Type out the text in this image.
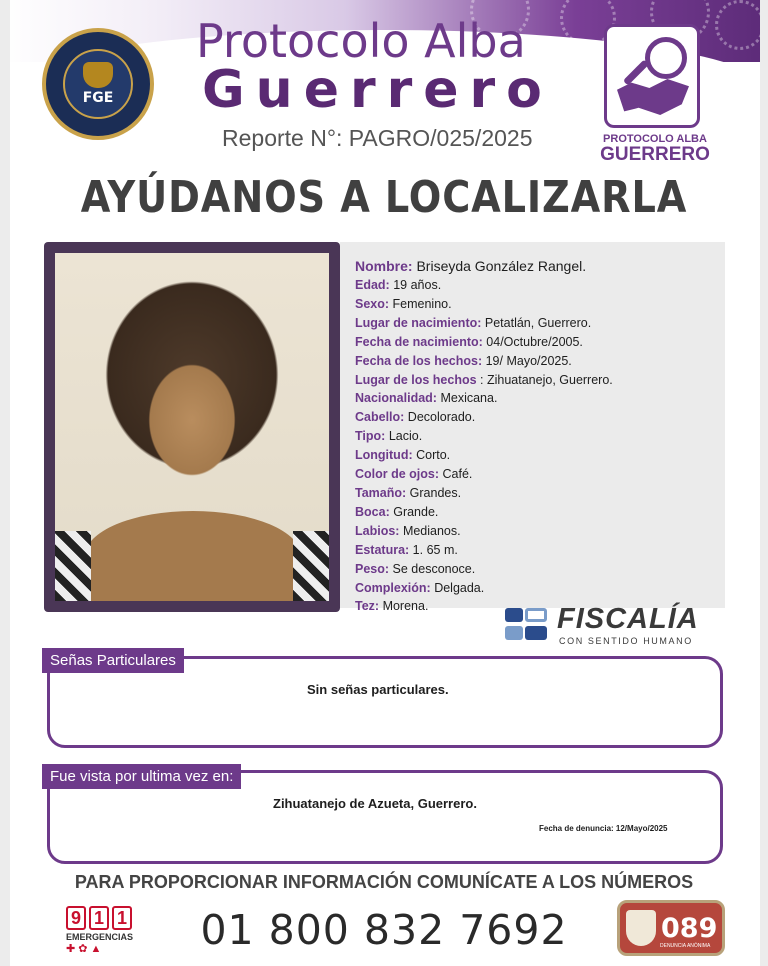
FGE
Protocolo Alba
Guerrero
Reporte N°: PAGRO/025/2025	PROTOCOLO ALBA
GUERRERO
AYÚDANOS A LOCALIZARLA
Nombre: Briseyda González Rangel.
Edad: 19 años.
Sexo: Femenino.
Lugar de nacimiento: Petatlán, Guerrero.
Fecha de nacimiento: 04/Octubre/2005.
Fecha de los hechos: 19/ Mayo/2025.
Lugar de los hechos : Zihuatanejo, Guerrero.
Nacionalidad: Mexicana.
Cabello: Decolorado.
Tipo: Lacio.
Longitud: Corto.
Color de ojos: Café.
Tamaño: Grandes.
Boca: Grande.
Labios: Medianos.
Estatura: 1. 65 m.
Peso: Se desconoce.
Complexión: Delgada.
Tez: Morena.	FISCALÍA
CON SENTIDO HUMANO
Señas Particulares
Sin señas particulares.
Fue vista por ultima vez en:
Zihuatanejo de Azueta, Guerrero.
Fecha de denuncia: 12/Mayo/2025
PARA PROPORCIONAR INFORMACIÓN COMUNÍCATE A LOS NÚMEROS
9 1 1
EMERGENCIAS
✚ ✿ ▲	01 800 832 7692	089
DENUNCIA ANÓNIMA
